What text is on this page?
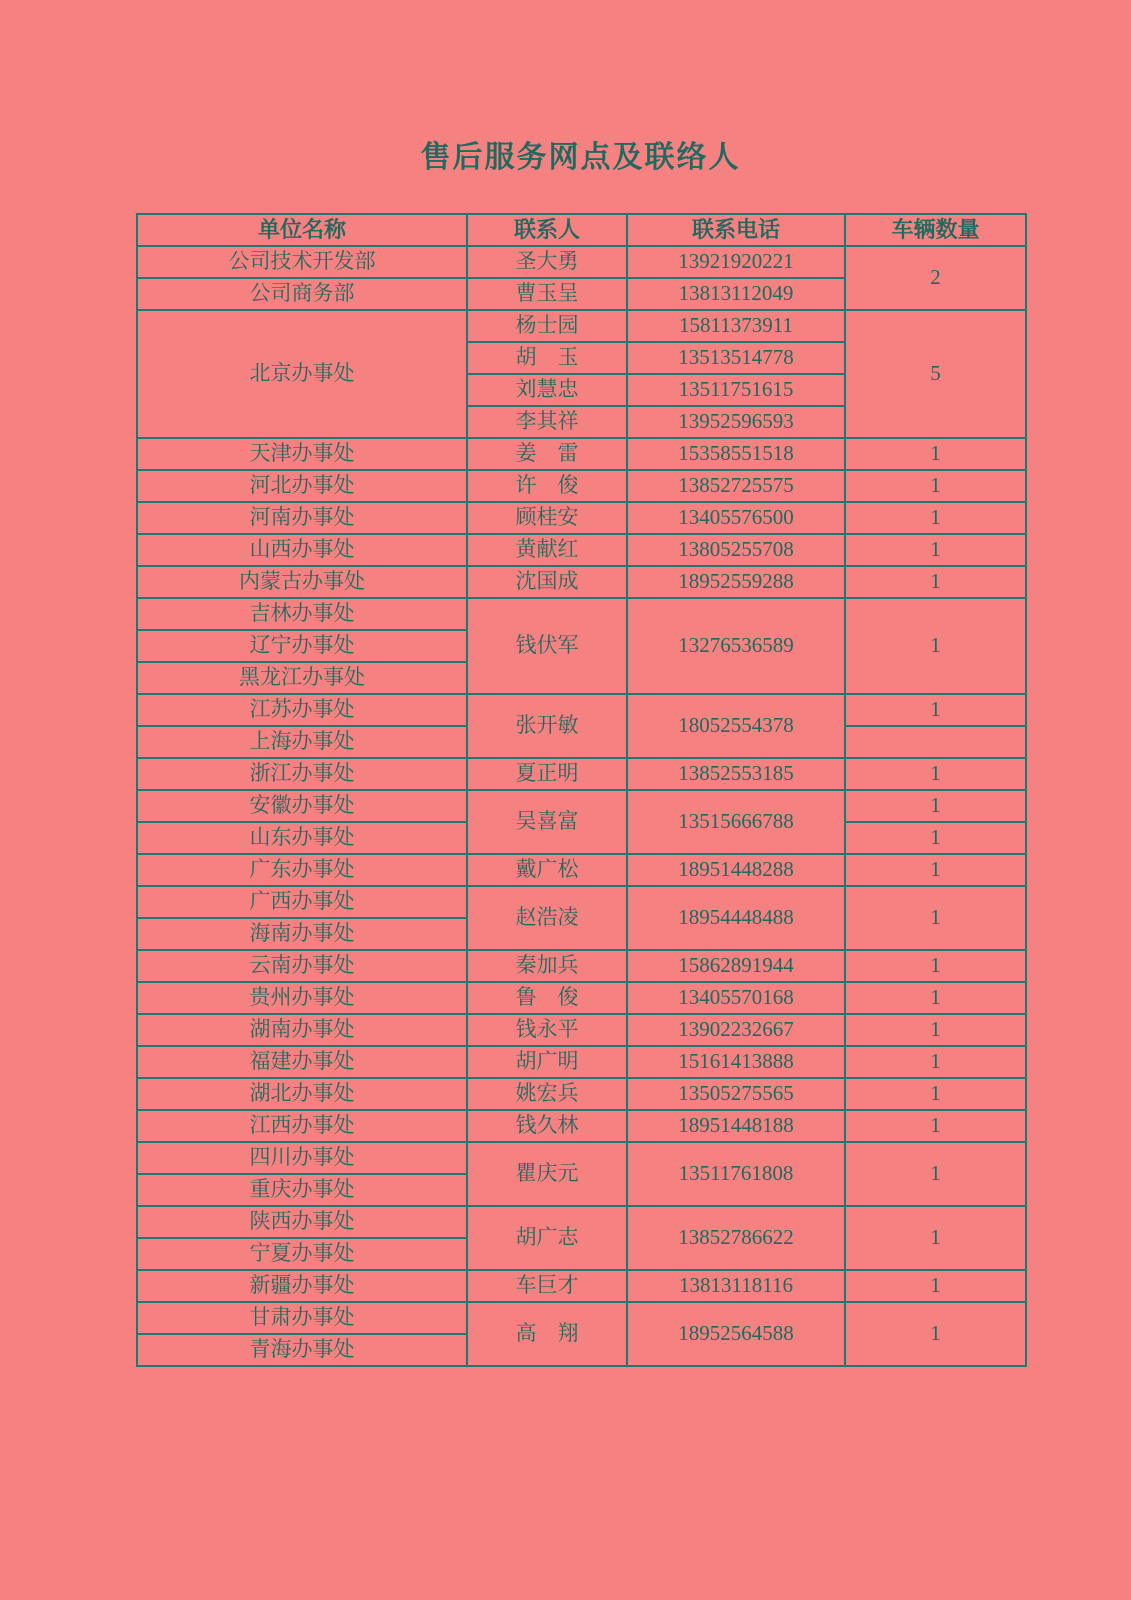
售后服务网点及联络人
单位名称	联系人	联系电话	车辆数量
公司技术开发部	圣大勇	13921920221	2
公司商务部	曹玉呈	13813112049	
北京办事处	杨士园	15811373911	5
	胡　玉	13513514778	
	刘慧忠	13511751615	
	李其祥	13952596593	
天津办事处	姜　雷	15358551518	1
河北办事处	许　俊	13852725575	1
河南办事处	顾桂安	13405576500	1
山西办事处	黄献红	13805255708	1
内蒙古办事处	沈国成	18952559288	1
吉林办事处	钱伏军	13276536589	1
辽宁办事处			
黑龙江办事处			
江苏办事处	张开敏	18052554378	1
上海办事处			
浙江办事处	夏正明	13852553185	1
安徽办事处	吴喜富	13515666788	1
山东办事处			1
广东办事处	戴广松	18951448288	1
广西办事处	赵浩凌	18954448488	1
海南办事处			
云南办事处	秦加兵	15862891944	1
贵州办事处	鲁　俊	13405570168	1
湖南办事处	钱永平	13902232667	1
福建办事处	胡广明	15161413888	1
湖北办事处	姚宏兵	13505275565	1
江西办事处	钱久林	18951448188	1
四川办事处	瞿庆元	13511761808	1
重庆办事处			
陕西办事处	胡广志	13852786622	1
宁夏办事处			
新疆办事处	车巨才	13813118116	1
甘肃办事处	高　翔	18952564588	1
青海办事处			
